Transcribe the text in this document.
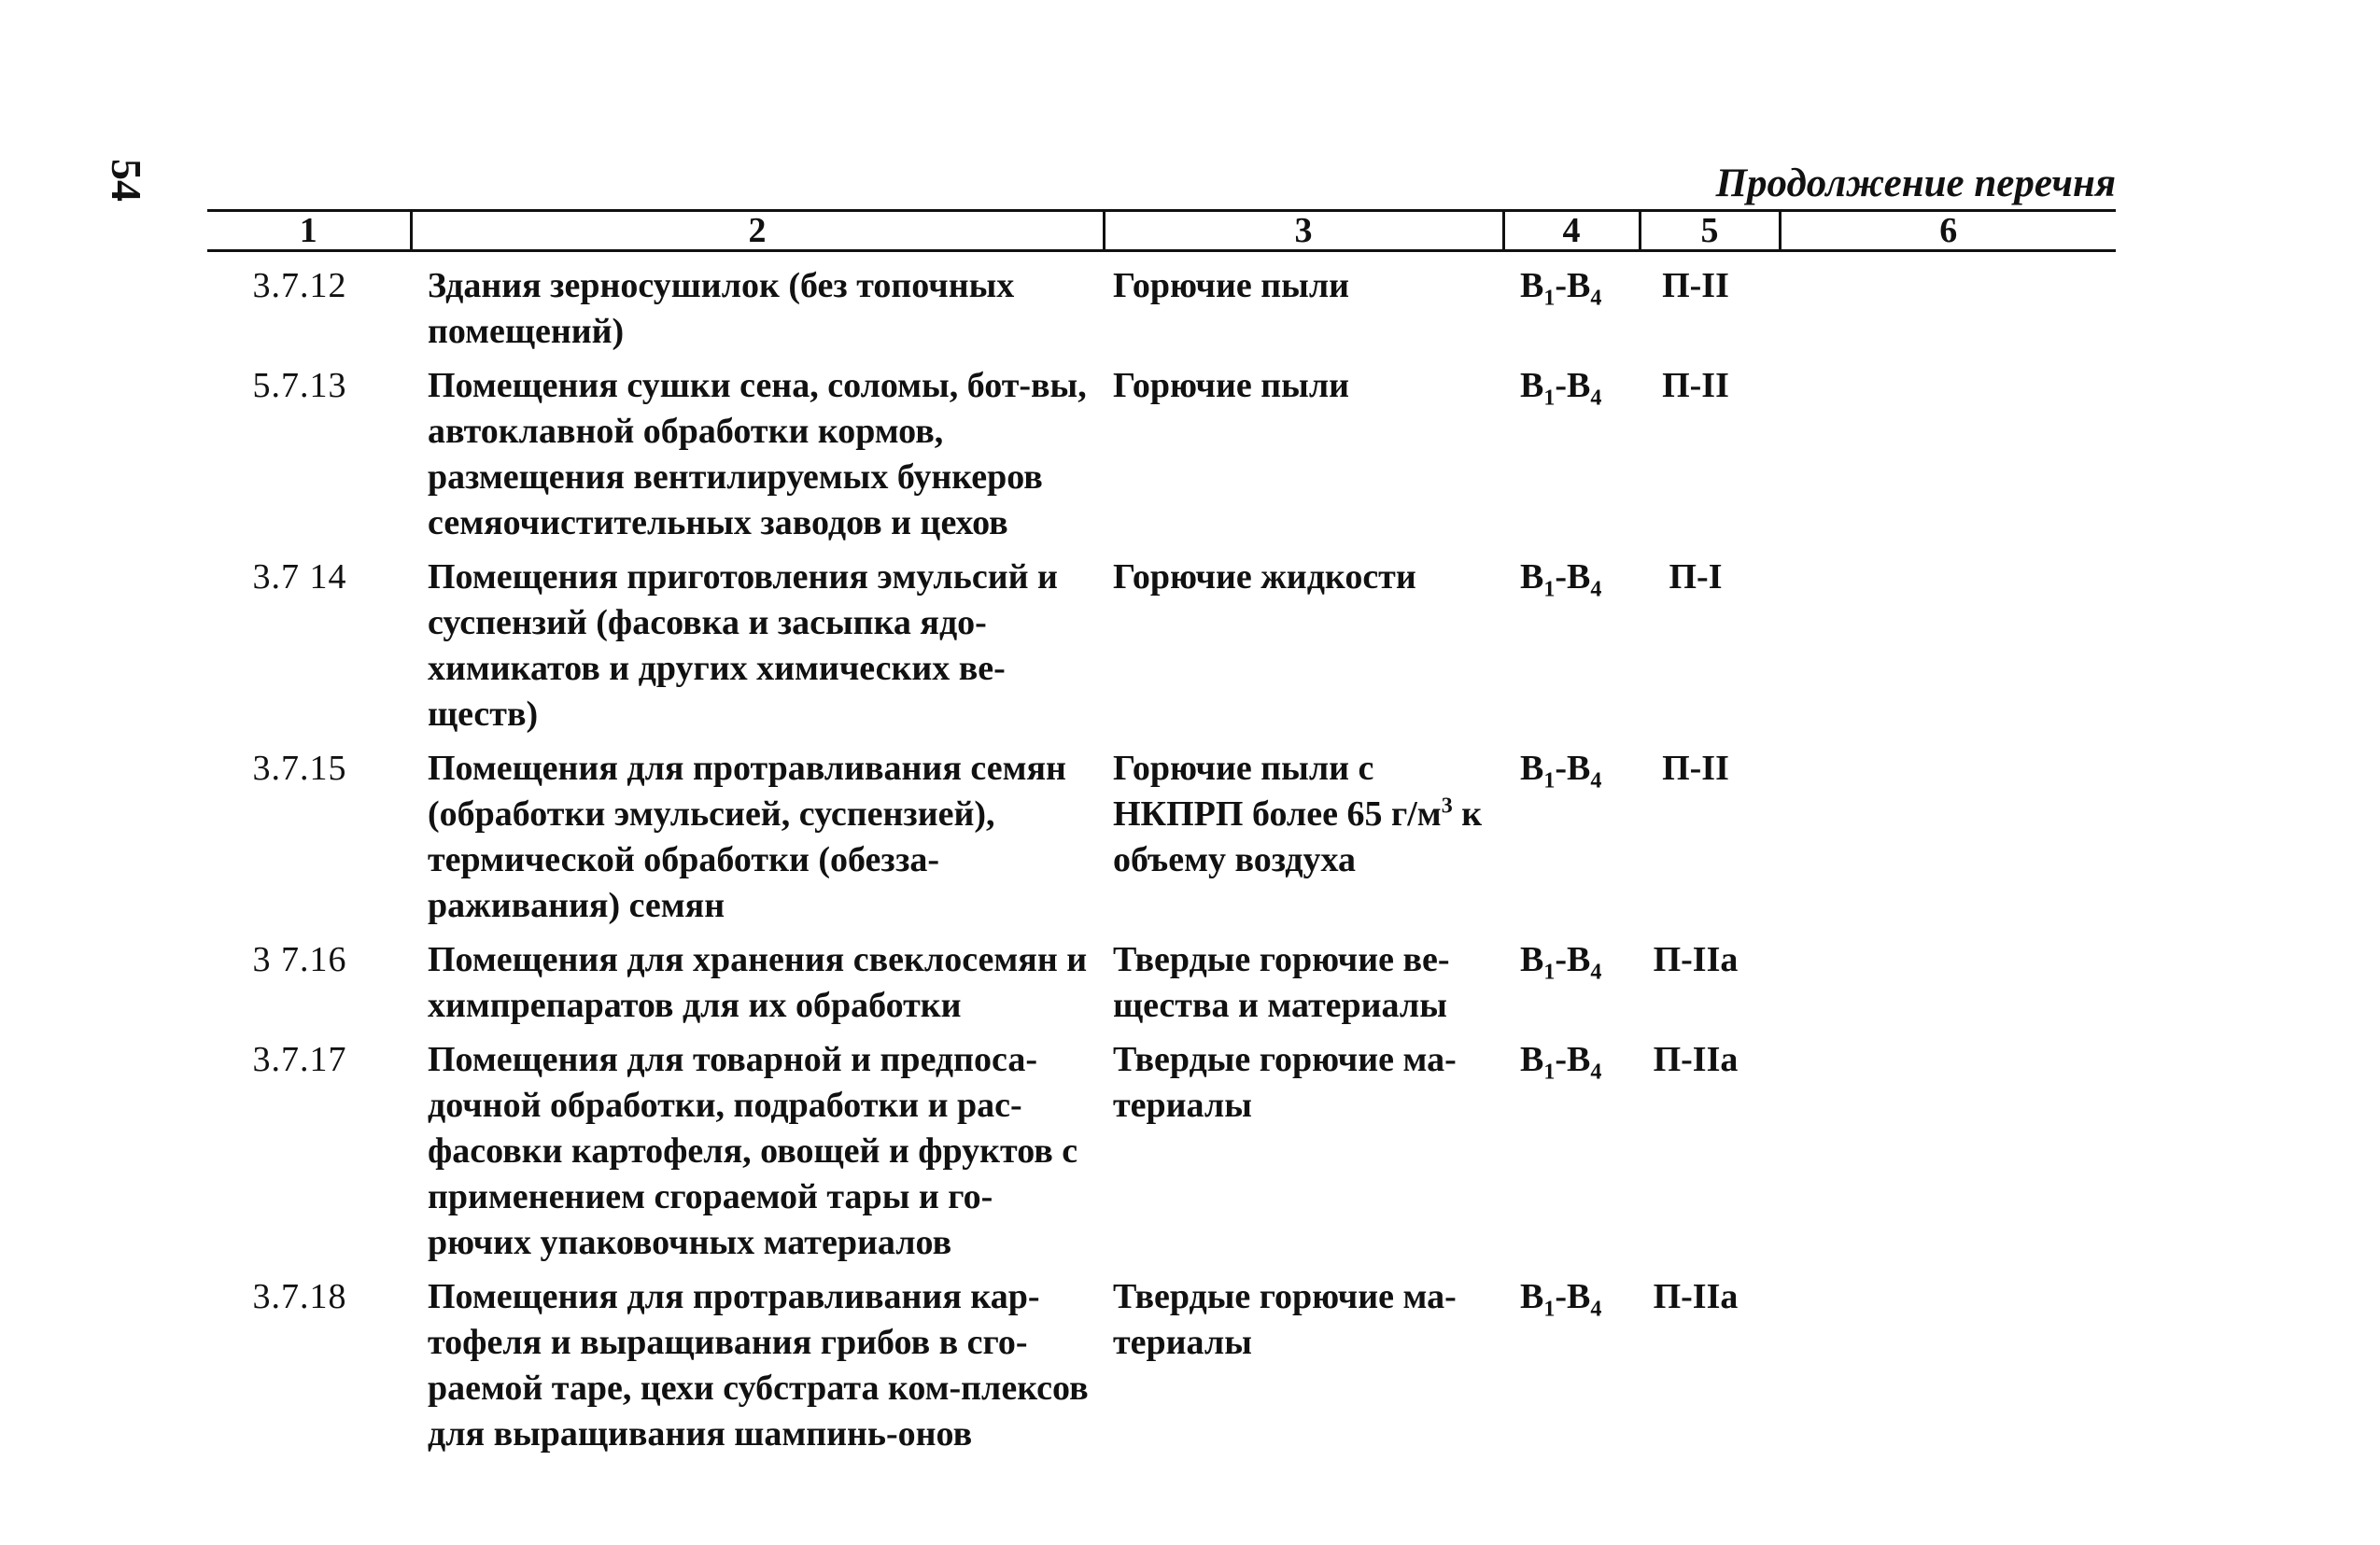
54	Продолжение перечня
1	2	3	4	5	6
3.7.12	Здания зерносушилок (без топочных помещений)	Горючие пыли	$В_1-В_4$	П-II	
5.7.13	Помещения сушки сена, соломы, бот-вы, автоклавной обработки кормов, размещения вентилируемых бункеров семяочистительных заводов и цехов	Горючие пыли	$В_1-В_4$	П-II	
3.7 14	Помещения приготовления эмульсий и суспензий (фасовка и засыпка ядо-химикатов и других химических ве-ществ)	Горючие жидкости	$В_1-В_4$	П-I	
3.7.15	Помещения для протравливания семян (обработки эмульсией, суспензией), термической обработки (обезза-раживания) семян	Горючие пыли с НКПРП более 65 $г/м^3$ к объему воздуха	$В_1-В_4$	П-II	
3 7.16	Помещения для хранения свеклосемян и химпрепаратов для их обработки	Твердые горючие ве-щества и материалы	$В_1-В_4$	П-IIa	
3.7.17	Помещения для товарной и предпоса-дочной обработки, подработки и рас-фасовки картофеля, овощей и фруктов с применением сгораемой тары и го-рючих упаковочных материалов	Твердые горючие ма-териалы	$В_1-В_4$	П-IIa	
3.7.18	Помещения для протравливания кар-тофеля и выращивания грибов в сго-раемой таре, цехи субстрата ком-плексов для выращивания шампинь-онов	Твердые горючие ма-териалы	$В_1-В_4$	П-IIa	
